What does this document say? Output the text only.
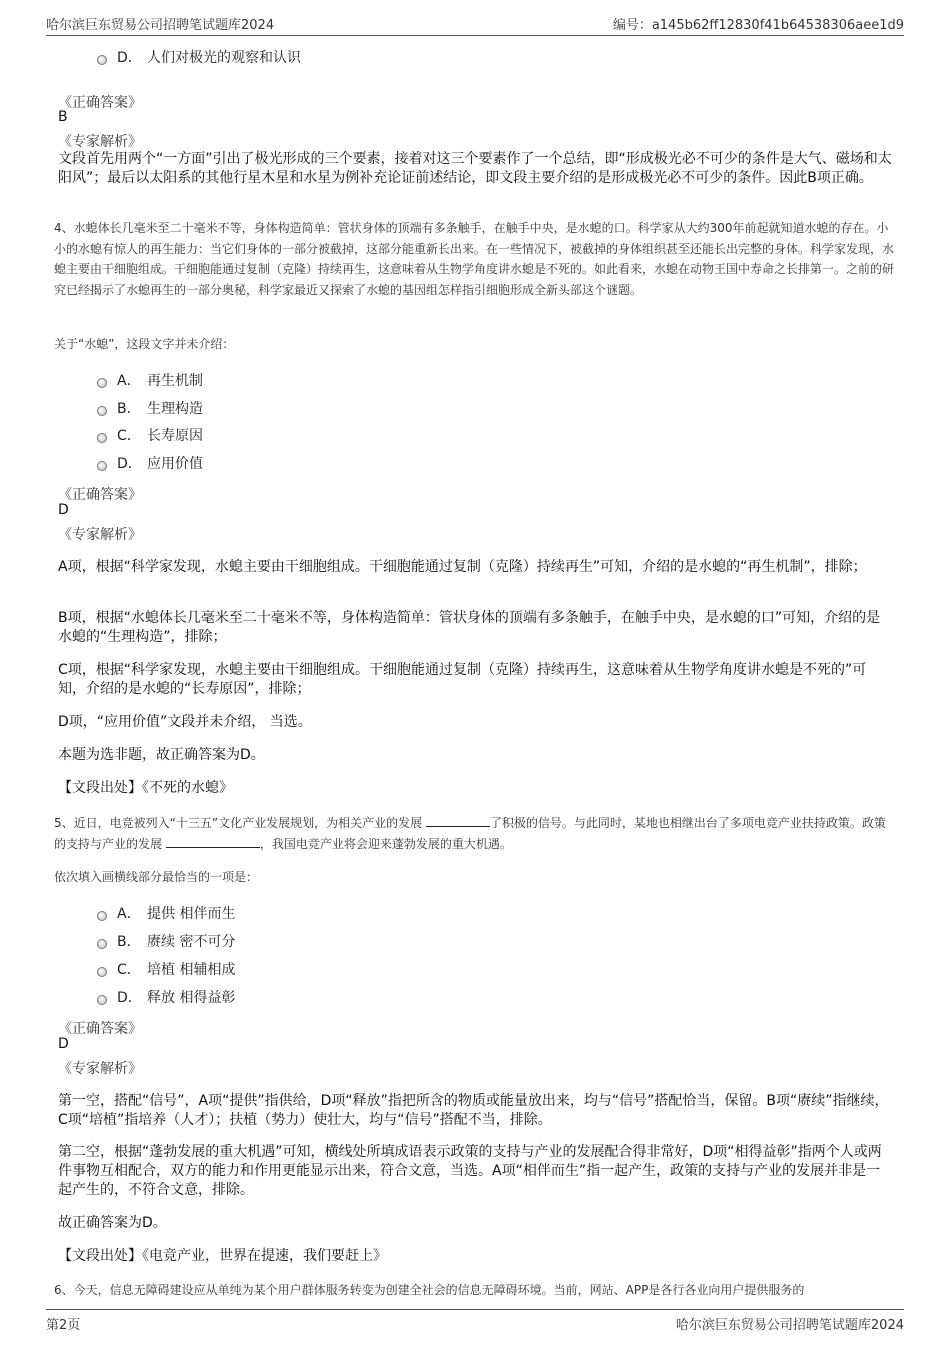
哈尔滨巨东贸易公司招聘笔试题库2024	编号：a145b62ff12830f41b64538306aee1d9
D． 人们对极光的观察和认识
《正确答案》
B
《专家解析》

文段首先用两个“一方面”引出了极光形成的三个要素，接着对这三个要素作了一个总结，即“形成极光必不可少的条件是大气、磁场和太阳风”；最后以太阳系的其他行星木星和水星为例补充论证前述结论，即文段主要介绍的是形成极光必不可少的条件。因此B项正确。

4、水螅体长几毫米至二十毫米不等，身体构造简单：管状身体的顶端有多条触手，在触手中央，是水螅的口。科学家从大约300年前起就知道水螅的存在。小小的水螅有惊人的再生能力：当它们身体的一部分被截掉，这部分能重新长出来。在一些情况下，被截掉的身体组织甚至还能长出完整的身体。科学家发现，水螅主要由干细胞组成。干细胞能通过复制（克隆）持续再生，这意味着从生物学角度讲水螅是不死的。如此看来，水螅在动物王国中寿命之长排第一。之前的研究已经揭示了水螅再生的一部分奥秘，科学家最近又探索了水螅的基因组怎样指引细胞形成全新头部这个谜题。

关于“水螅”，这段文字并未介绍：
A． 再生机制
B． 生理构造
C． 长寿原因
D． 应用价值
《正确答案》
D
《专家解析》

A项，根据“科学家发现，水螅主要由干细胞组成。干细胞能通过复制（克隆）持续再生”可知，介绍的是水螅的“再生机制”，排除；

B项，根据“水螅体长几毫米至二十毫米不等，身体构造简单：管状身体的顶端有多条触手，在触手中央，是水螅的口”可知，介绍的是水螅的“生理构造”，排除；

C项，根据“科学家发现，水螅主要由干细胞组成。干细胞能通过复制（克隆）持续再生，这意味着从生物学角度讲水螅是不死的”可知，介绍的是水螅的“长寿原因”，排除；

D项，“应用价值”文段并未介绍， 当选。

本题为选非题，故正确答案为D。

【文段出处】《不死的水螅》

5、近日，电竞被列入“十三五”文化产业发展规划，为相关产业的发展	了积极的信号。与此同时，某地也相继出台了多项电竞产业扶持政策。政策的支持与产业的发展	，我国电竞产业将会迎来蓬勃发展的重大机遇。

依次填入画横线部分最恰当的一项是：
A． 提供 相伴而生
B． 赓续 密不可分
C． 培植 相辅相成
D． 释放 相得益彰
《正确答案》
D
《专家解析》

第一空，搭配“信号”，A项“提供”指供给，D项“释放”指把所含的物质或能量放出来，均与“信号”搭配恰当，保留。B项“赓续”指继续，C项“培植”指培养（人才）；扶植（势力）使壮大，均与“信号”搭配不当，排除。

第二空，根据“蓬勃发展的重大机遇”可知，横线处所填成语表示政策的支持与产业的发展配合得非常好，D项“相得益彰”指两个人或两件事物互相配合，双方的能力和作用更能显示出来，符合文意，当选。A项“相伴而生”指一起产生，政策的支持与产业的发展并非是一起产生的，不符合文意，排除。

故正确答案为D。

【文段出处】《电竞产业，世界在提速，我们要赶上》

6、今天，信息无障碍建设应从单纯为某个用户群体服务转变为创建全社会的信息无障碍环境。当前，网站、APP是各行各业向用户提供服务的

第2页	哈尔滨巨东贸易公司招聘笔试题库2024
